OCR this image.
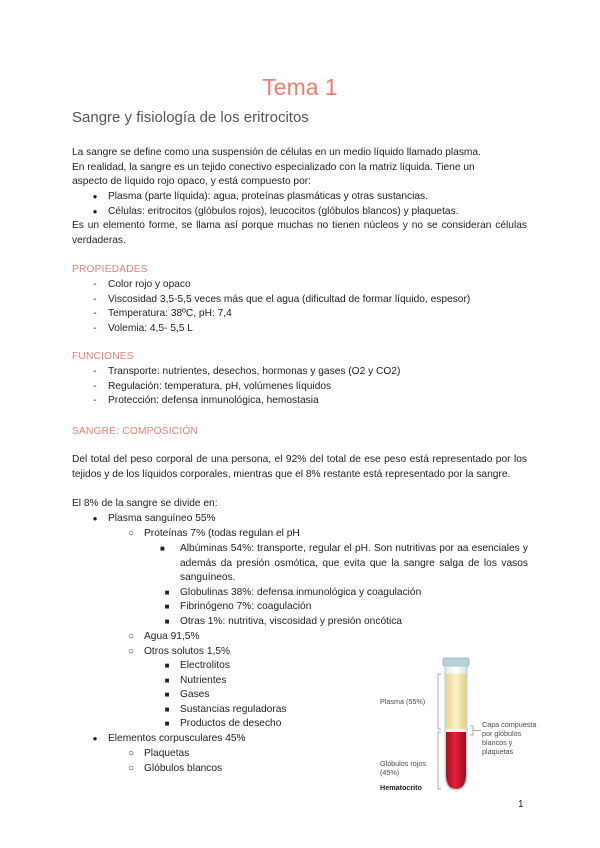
Tema 1
Sangre y fisiología de los eritrocitos
La sangre se define como una suspensión de células en un medio líquido llamado plasma.
En realidad, la sangre es un tejido conectivo especializado con la matriz líquida. Tiene un
aspecto de líquido rojo opaco, y está compuesto por:
●
Plasma (parte líquida): agua, proteínas plasmáticas y otras sustancias.
●
Células: eritrocitos (glóbulos rojos), leucocitos (glóbulos blancos) y plaquetas.
Es un elemento forme, se llama así porque muchas no tienen núcleos y no se consideran células verdaderas.
PROPIEDADES
-
Color rojo y opaco
-
Viscosidad 3,5-5,5 veces más que el agua (dificultad de formar líquido, espesor)
-
Temperatura: 38ºC, pH: 7,4
-
Volemia: 4,5- 5,5 L
FUNCIONES
-
Transporte: nutrientes, desechos, hormonas y gases (O2 y CO2)
-
Regulación: temperatura, pH, volúmenes líquidos
-
Protección: defensa inmunológica, hemostasia
SANGRE: COMPOSICIÓN
Del total del peso corporal de una persona, el 92% del total de ese peso está representado por los tejidos y de los líquidos corporales, mientras que el 8% restante está representado por la sangre.
El 8% de la sangre se divide en:
●
Plasma sanguíneo 55%
○
Proteínas 7% (todas regulan el pH
■
Albúminas 54%: transporte, regular el pH. Son nutritivas por aa esenciales y además da presión osmótica, que evita que la sangre salga de los vasos sanguíneos.
■
Globulinas 38%: defensa inmunológica y coagulación
■
Fibrinógeno 7%: coagulación
■
Otras 1%: nutritiva, viscosidad y presión oncótica
○
Agua 91,5%
○
Otros solutos 1,5%
■
Electrolitos
■
Nutrientes
■
Gases
■
Sustancias reguladoras
■
Productos de desecho
●
Elementos corpusculares 45%
○
Plaquetas
○
Glóbulos blancos
Plasma (55%)
Capa compuesta por glóbulos blancos y plaquetas
Glóbulos rojos (45%)
Hematocrito
1
